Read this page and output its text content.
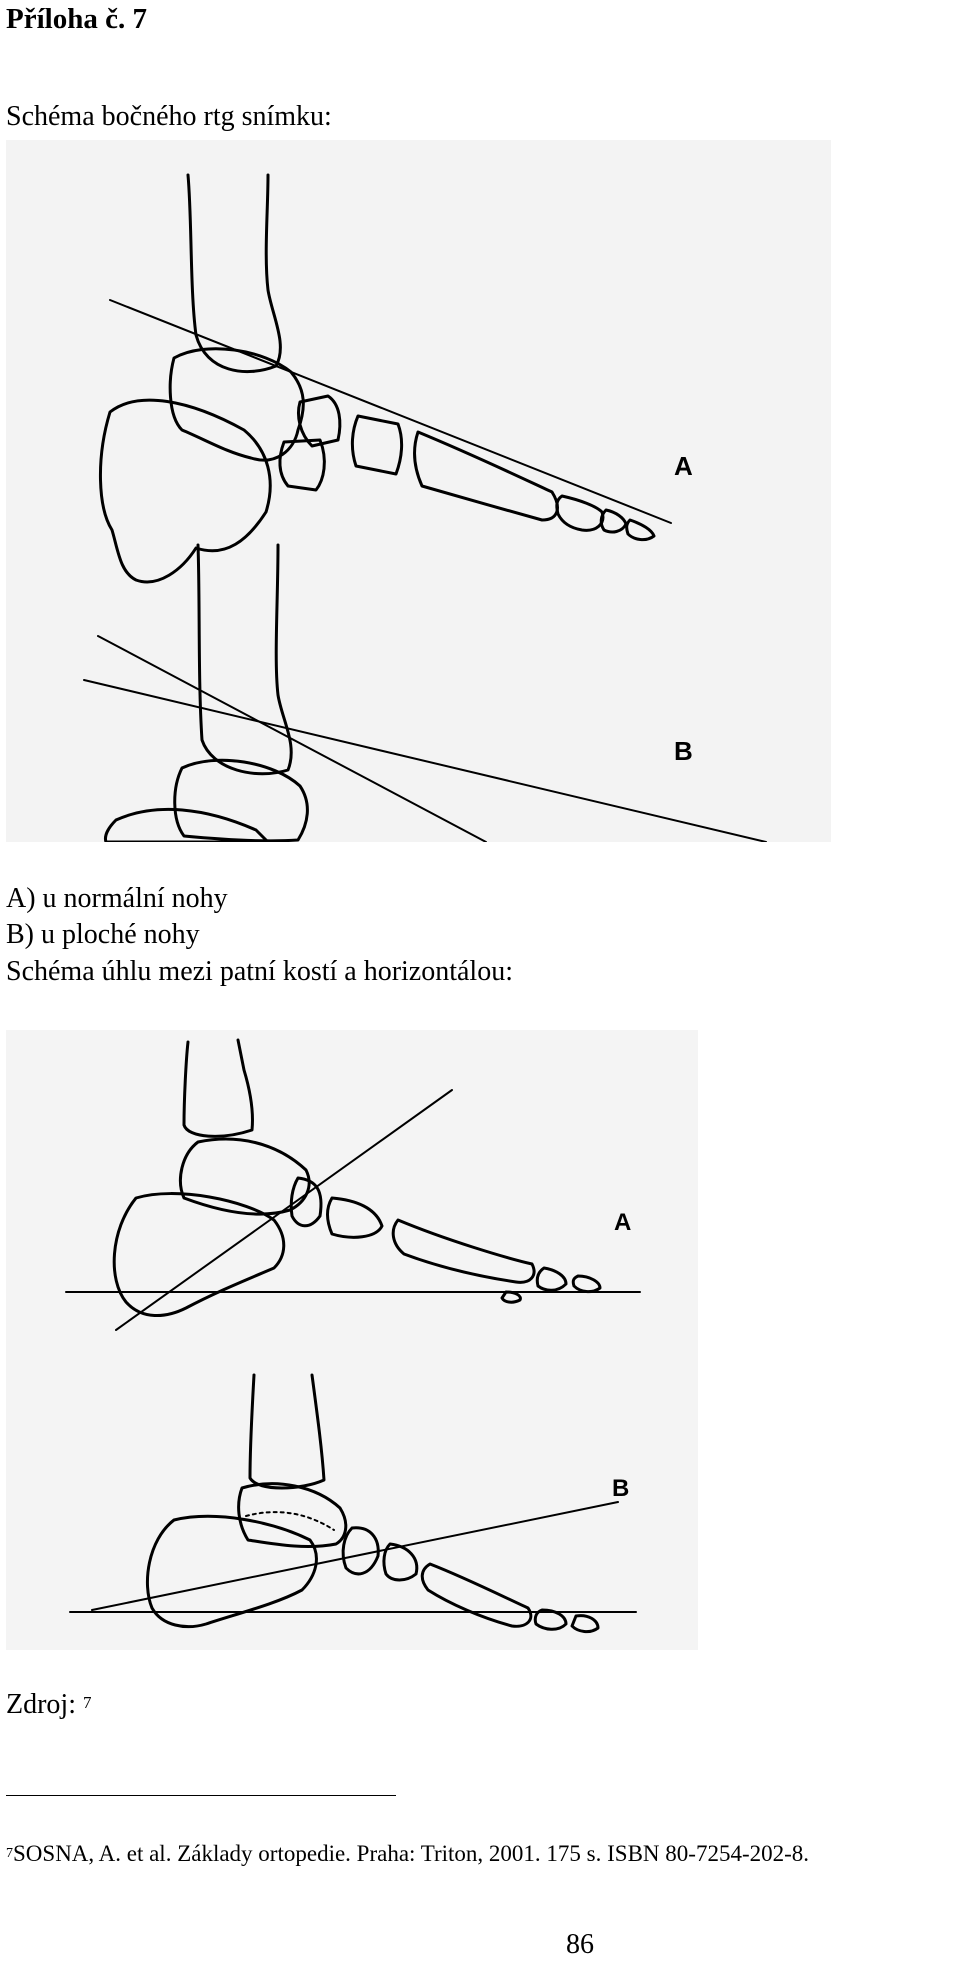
Příloha č. 7
Schéma bočného rtg snímku:
A
B
A) u normální nohy
B) u ploché nohy
Schéma úhlu mezi patní kostí a horizontálou:
A
B
Zdroj: $^7$
$^7$SOSNA, A. et al. Základy ortopedie. Praha: Triton, 2001. 175 s. ISBN 80-7254-202-8.
86
